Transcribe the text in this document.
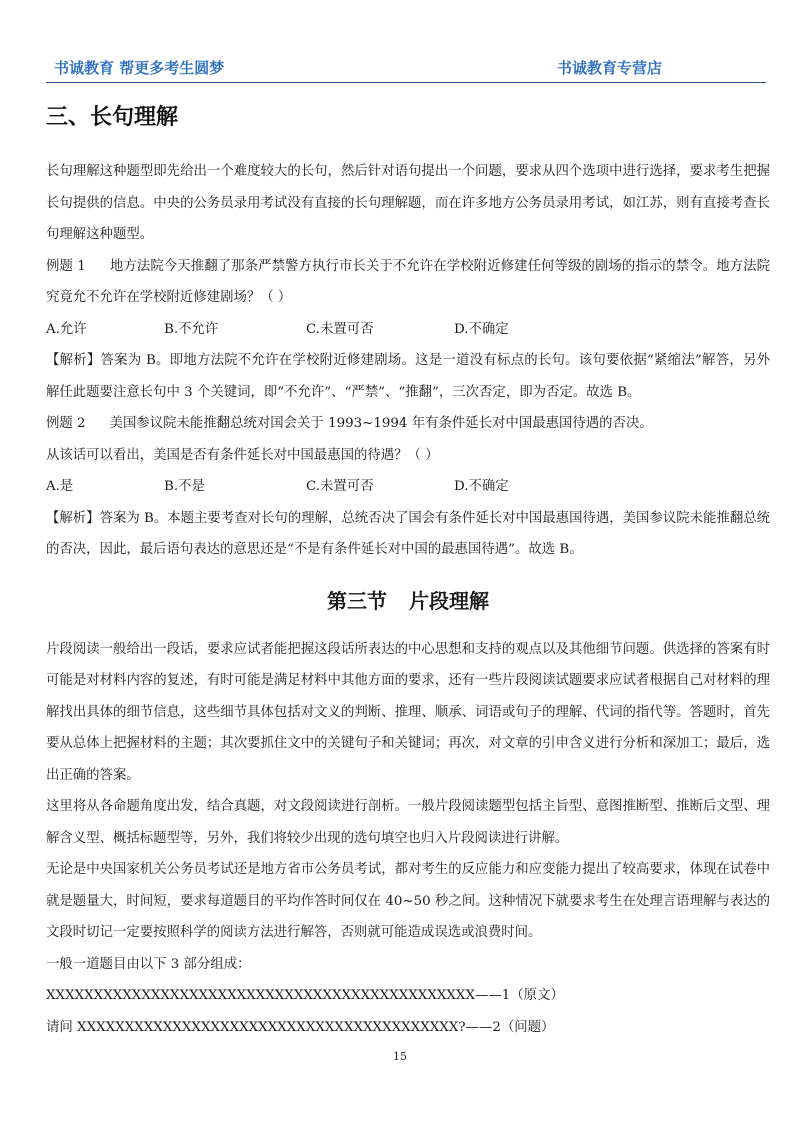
书诚教育 帮更多考生圆梦	书诚教育专营店
三、长句理解

长句理解这种题型即先给出一个难度较大的长句，然后针对语句提出一个问题，要求从四个选项中进行选择，要求考生把握长句提供的信息。中央的公务员录用考试没有直接的长句理解题，而在许多地方公务员录用考试，如江苏，则有直接考查长句理解这种题型。

例题 1 地方法院今天推翻了那条严禁警方执行市长关于不允许在学校附近修建任何等级的剧场的指示的禁令。地方法院究竟允不允许在学校附近修建剧场？（ ）

A.允许	B.不允许	C.未置可否	D.不确定

【解析】答案为 B。即地方法院不允许在学校附近修建剧场。这是一道没有标点的长句。该句要依据“紧缩法”解答，另外解任此题要注意长句中 3 个关键词，即“不允许”、“严禁”、“推翻”，三次否定，即为否定。故选 B。

例题 2 美国参议院未能推翻总统对国会关于 1993~1994 年有条件延长对中国最惠国待遇的否决。

从该话可以看出，美国是否有条件延长对中国最惠国的待遇？（ ）

A.是	B.不是	C.未置可否	D.不确定

【解析】答案为 B。本题主要考查对长句的理解，总统否决了国会有条件延长对中国最惠国待遇，美国参议院未能推翻总统的否决，因此，最后语句表达的意思还是“不是有条件延长对中国的最惠国待遇”。故选 B。

第三节 片段理解

片段阅读一般给出一段话，要求应试者能把握这段话所表达的中心思想和支持的观点以及其他细节问题。供选择的答案有时可能是对材料内容的复述，有时可能是满足材料中其他方面的要求，还有一些片段阅读试题要求应试者根据自己对材料的理解找出具体的细节信息，这些细节具体包括对文义的判断、推理、顺承、词语或句子的理解、代词的指代等。答题时，首先要从总体上把握材料的主题；其次要抓住文中的关键句子和关键词；再次，对文章的引申含义进行分析和深加工；最后，选出正确的答案。

这里将从各命题角度出发，结合真题，对文段阅读进行剖析。一般片段阅读题型包括主旨型、意图推断型、推断后文型、理解含义型、概括标题型等，另外，我们将较少出现的选句填空也归入片段阅读进行讲解。

无论是中央国家机关公务员考试还是地方省市公务员考试，都对考生的反应能力和应变能力提出了较高要求，体现在试卷中就是题量大，时间短，要求每道题目的平均作答时间仅在 40~50 秒之间。这种情况下就要求考生在处理言语理解与表达的文段时切记一定要按照科学的阅读方法进行解答，否则就可能造成误选或浪费时间。

一般一道题目由以下 3 部分组成：

XXXXXXXXXXXXXXXXXXXXXXXXXXXXXXXXXXXXXXXXXXXXX——1（原文）

请问 XXXXXXXXXXXXXXXXXXXXXXXXXXXXXXXXXXXXXXXX?——2（问题）

15
